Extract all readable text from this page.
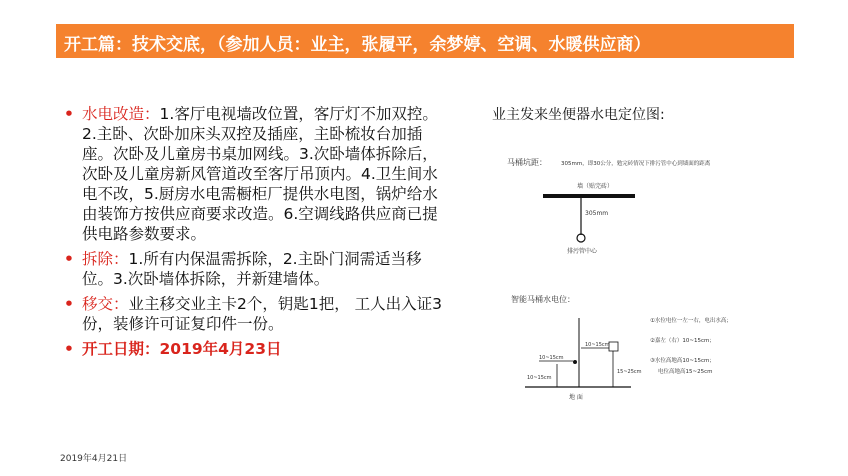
开工篇：技术交底，（参加人员：业主，张履平，余梦婷、空调、水暖供应商）
• 水电改造：1.客厅电视墙改位置，客厅灯不加双控。2.主卧、次卧加床头双控及插座，主卧梳妆台加插座。次卧及儿童房书桌加网线。3.次卧墙体拆除后，次卧及儿童房新风管道改至客厅吊顶内。4.卫生间水电不改，5.厨房水电需橱柜厂提供水电图，锅炉给水由装饰方按供应商要求改造。6.空调线路供应商已提供电路参数要求。
• 拆除：1.所有内保温需拆除，2.主卧门洞需适当移位。3.次卧墙体拆除，并新建墙体。
• 移交：业主移交业主卡2个，钥匙1把， 工人出入证3份，装修许可证复印件一份。
• 开工日期：2019年4月23日
业主发来坐便器水电定位图:
马桶坑距：	305mm，即30公分，勉完砖情况下排污管中心到墙面的距离
墙（贴完砖）
305mm
排污管中心
智能马桶水电位：
10~15cm
15~25cm
10~15cm
10~15cm
地 面
①水位电位一左一右，电出水高；
②嘉左（右）10~15cm；
③水位高地高10~15cm；
电位高地高15~25cm
2019年4月21日
